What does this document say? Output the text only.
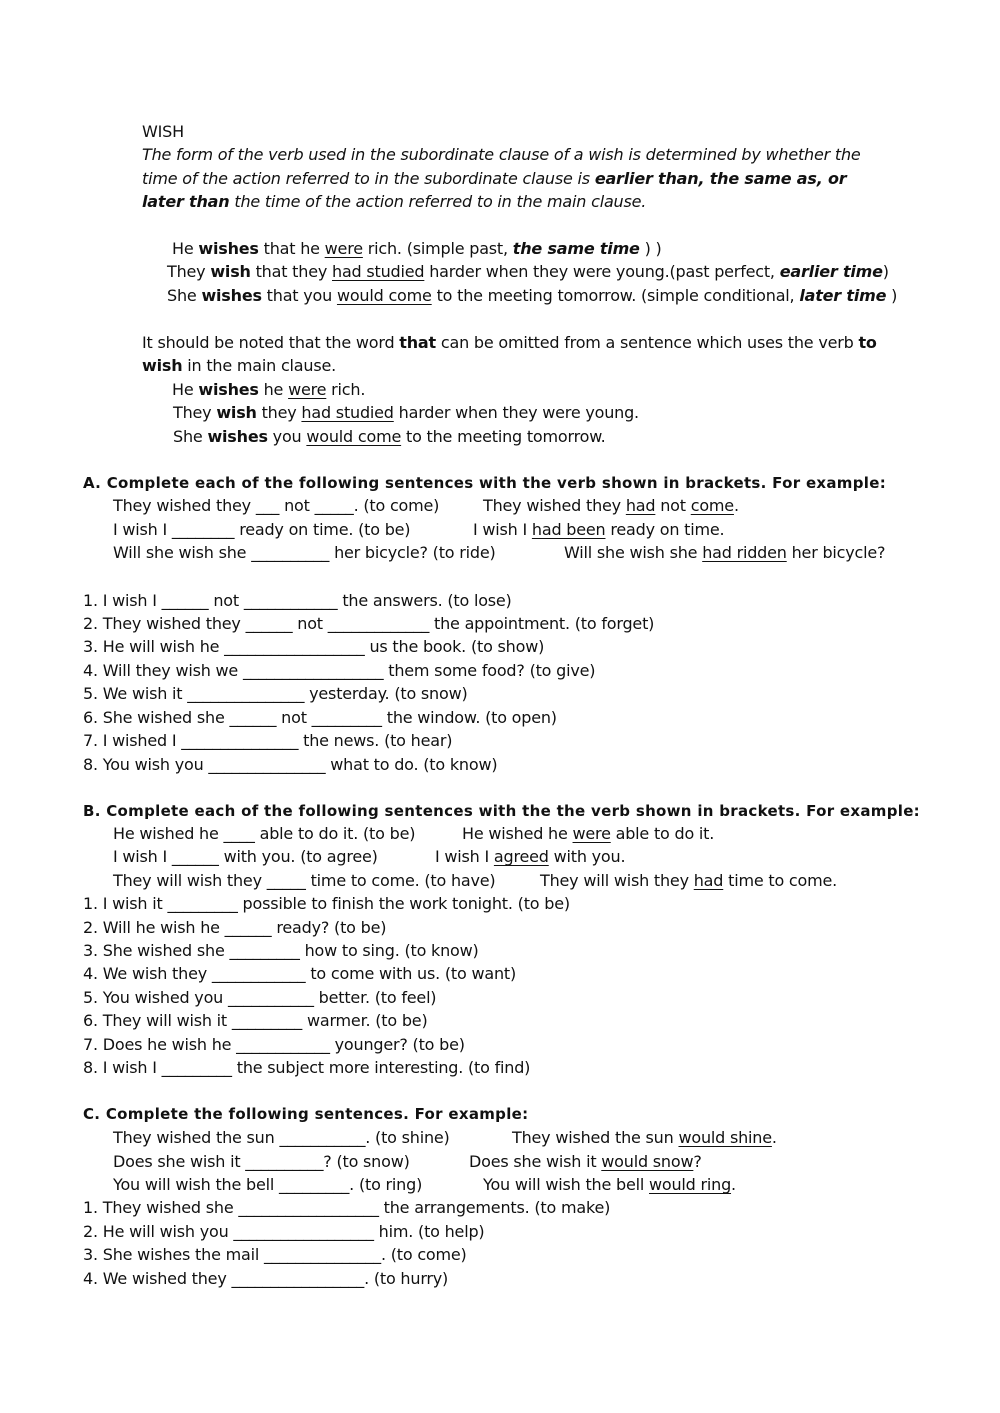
WISH
The form of the verb used in the subordinate clause of a wish is determined by whether the
time of the action referred to in the subordinate clause is earlier than, the same as, or
later than the time of the action referred to in the main clause.
He wishes that he were rich. (simple past, the same time ) )
They wish that they had studied harder when they were young.(past perfect, earlier time)
She wishes that you would come to the meeting tomorrow. (simple conditional, later time )
It should be noted that the word that can be omitted from a sentence which uses the verb to
wish in the main clause.
He wishes he were rich.
They wish they had studied harder when they were young.
She wishes you would come to the meeting tomorrow.
A. Complete each of the following sentences with the verb shown in brackets. For example:
They wished they ___ not _____. (to come)	They wished they had not come.
I wish I ________ ready on time. (to be)	I wish I had been ready on time.
Will she wish she __________ her bicycle? (to ride)	Will she wish she had ridden her bicycle?
1. I wish I ______ not ____________ the answers. (to lose)
2. They wished they ______ not _____________ the appointment. (to forget)
3. He will wish he __________________ us the book. (to show)
4. Will they wish we __________________ them some food? (to give)
5. We wish it _______________ yesterday. (to snow)
6. She wished she ______ not _________ the window. (to open)
7. I wished I _______________ the news. (to hear)
8. You wish you _______________ what to do. (to know)
B. Complete each of the following sentences with the the verb shown in brackets. For example:
He wished he ____ able to do it. (to be)	He wished he were able to do it.
I wish I ______ with you. (to agree)	I wish I agreed with you.
They will wish they _____ time to come. (to have)	They will wish they had time to come.
1. I wish it _________ possible to finish the work tonight. (to be)
2. Will he wish he ______ ready? (to be)
3. She wished she _________ how to sing. (to know)
4. We wish they ____________ to come with us. (to want)
5. You wished you ___________ better. (to feel)
6. They will wish it _________ warmer. (to be)
7. Does he wish he ____________ younger? (to be)
8. I wish I _________ the subject more interesting. (to find)
C. Complete the following sentences. For example:
They wished the sun ___________. (to shine)	They wished the sun would shine.
Does she wish it __________? (to snow)	Does she wish it would snow?
You will wish the bell _________. (to ring)	You will wish the bell would ring.
1. They wished she __________________ the arrangements. (to make)
2. He will wish you __________________ him. (to help)
3. She wishes the mail _______________. (to come)
4. We wished they _________________. (to hurry)
